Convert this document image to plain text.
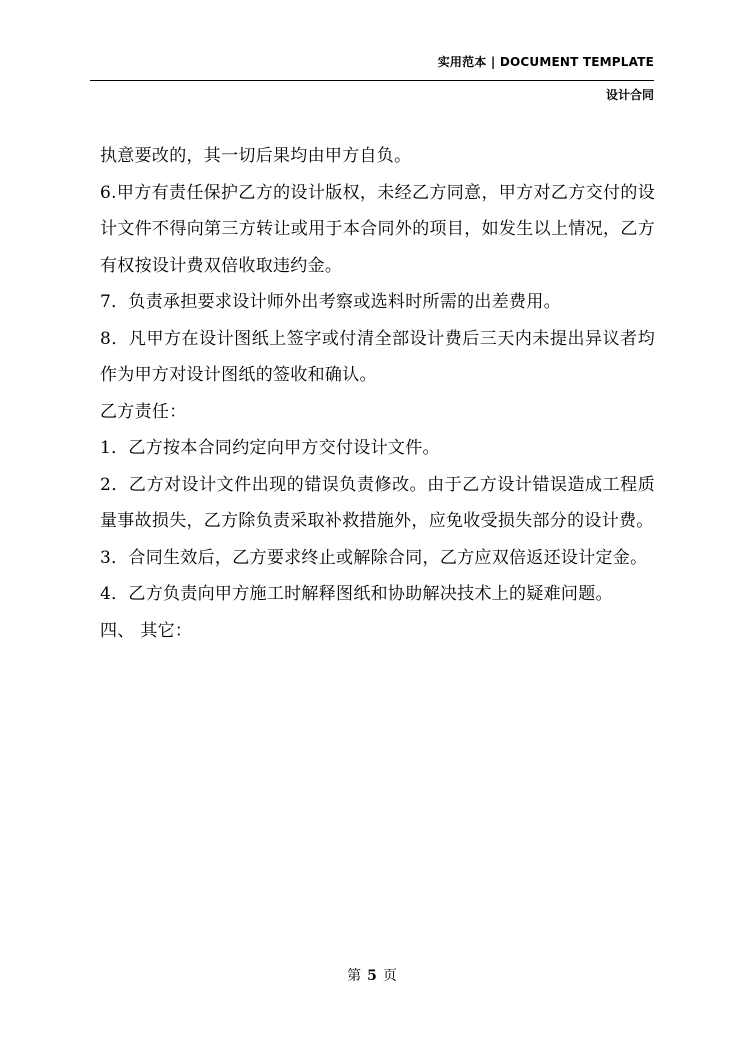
实用范本 | DOCUMENT TEMPLATE
设计合同

执意要改的，其一切后果均由甲方自负。

6.甲方有责任保护乙方的设计版权，未经乙方同意，甲方对乙方交付的设计文件不得向第三方转让或用于本合同外的项目，如发生以上情况，乙方有权按设计费双倍收取违约金。

7．负责承担要求设计师外出考察或选料时所需的出差费用。

8．凡甲方在设计图纸上签字或付清全部设计费后三天内未提出异议者均作为甲方对设计图纸的签收和确认。

乙方责任：

1．乙方按本合同约定向甲方交付设计文件。

2．乙方对设计文件出现的错误负责修改。由于乙方设计错误造成工程质量事故损失，乙方除负责采取补救措施外，应免收受损失部分的设计费。

3．合同生效后，乙方要求终止或解除合同，乙方应双倍返还设计定金。

4．乙方负责向甲方施工时解释图纸和协助解决技术上的疑难问题。

四、 其它：

第 5 页
